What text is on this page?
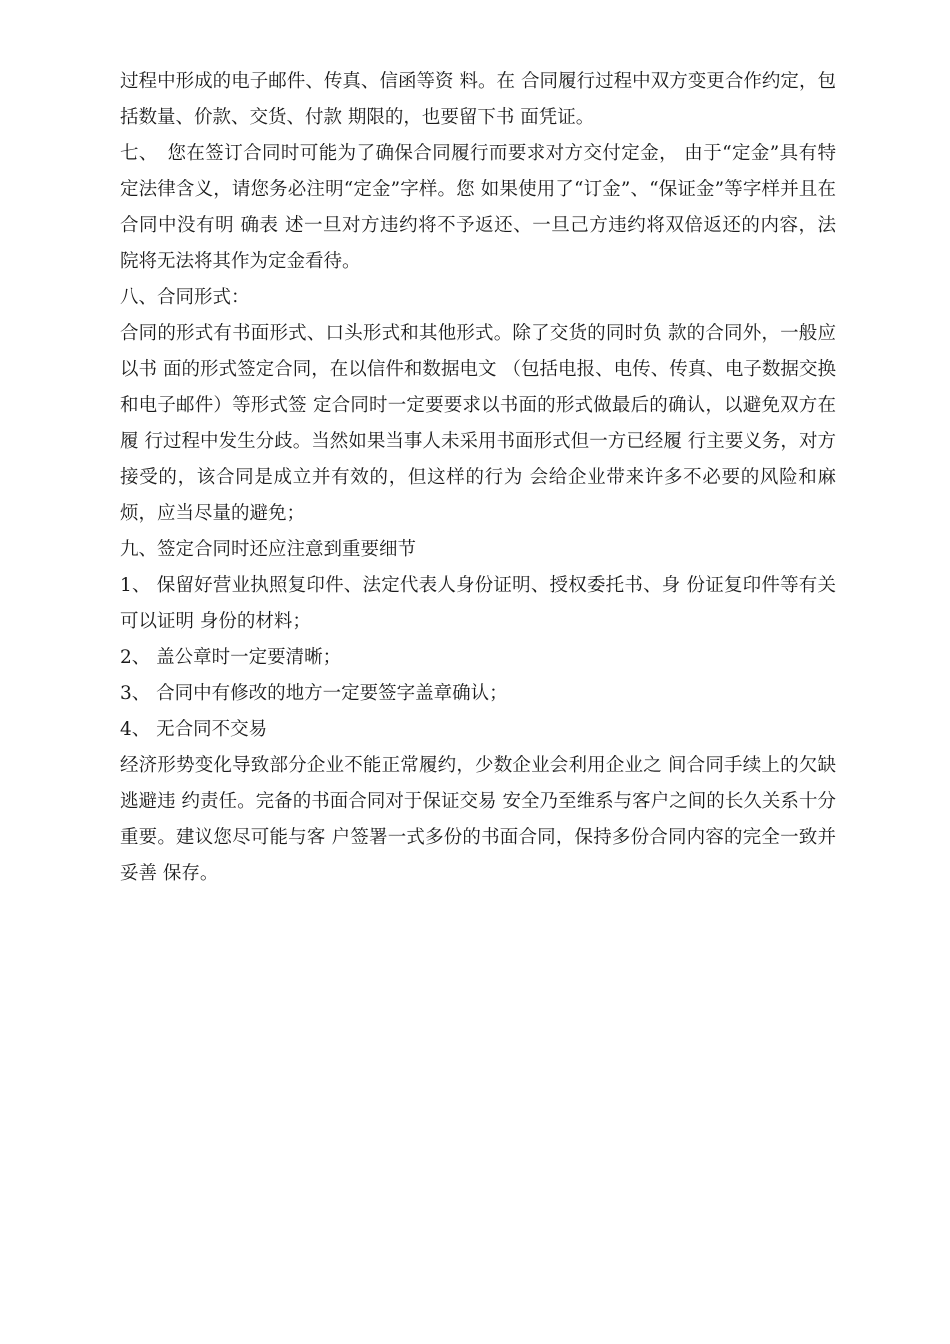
过程中形成的电子邮件、传真、信函等资 料。在 合同履行过程中双方变更合作约定，包括数量、价款、交货、付款 期限的，也要留下书 面凭证。

七、　您在签订合同时可能为了确保合同履行而要求对方交付定金， 由于“定金”具有特定法律含义，请您务必注明“定金”字样。您 如果使用了“订金”、“保证金”等字样并且在合同中没有明 确表 述一旦对方违约将不予返还、一旦己方违约将双倍返还的内容，法 院将无法将其作为定金看待。

八、合同形式：

合同的形式有书面形式、口头形式和其他形式。除了交货的同时负 款的合同外，一般应以书 面的形式签定合同，在以信件和数据电文 （包括电报、电传、传真、电子数据交换和电子邮件）等形式签 定合同时一定要要求以书面的形式做最后的确认，以避免双方在履 行过程中发生分歧。当然如果当事人未采用书面形式但一方已经履 行主要义务，对方接受的，该合同是成立并有效的，但这样的行为 会给企业带来许多不必要的风险和麻烦，应当尽量的避免；

九、签定合同时还应注意到重要细节

1、 保留好营业执照复印件、法定代表人身份证明、授权委托书、身 份证复印件等有关可以证明 身份的材料；

2、 盖公章时一定要清晰；

3、 合同中有修改的地方一定要签字盖章确认；

4、 无合同不交易

经济形势变化导致部分企业不能正常履约，少数企业会利用企业之 间合同手续上的欠缺逃避违 约责任。完备的书面合同对于保证交易 安全乃至维系与客户之间的长久关系十分重要。建议您尽可能与客 户签署一式多份的书面合同，保持多份合同内容的完全一致并妥善 保存。
